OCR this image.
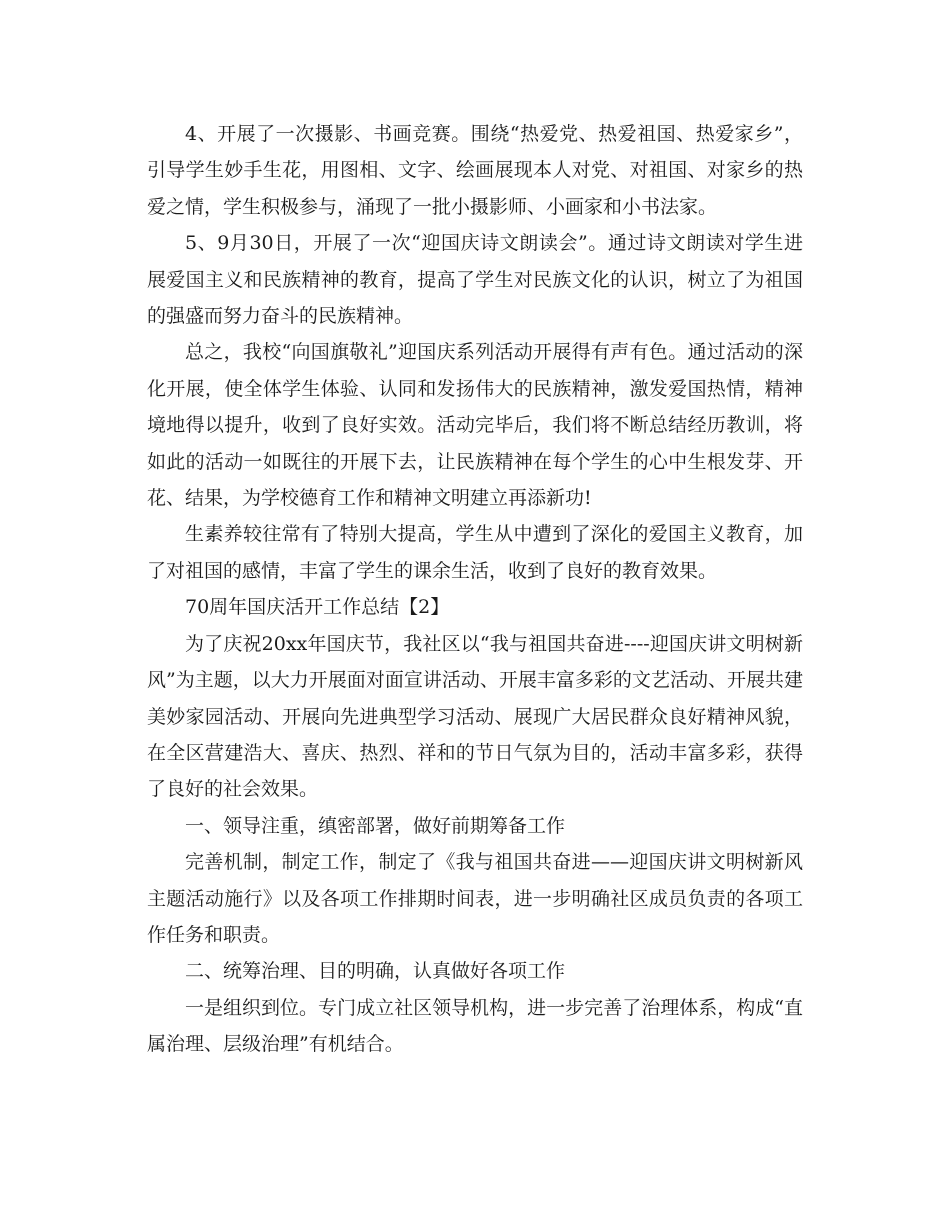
4、开展了一次摄影、书画竞赛。围绕“热爱党、热爱祖国、热爱家乡”，引导学生妙手生花，用图相、文字、绘画展现本人对党、对祖国、对家乡的热爱之情，学生积极参与，涌现了一批小摄影师、小画家和小书法家。

5、9月30日，开展了一次“迎国庆诗文朗读会”。通过诗文朗读对学生进展爱国主义和民族精神的教育，提高了学生对民族文化的认识，树立了为祖国的强盛而努力奋斗的民族精神。

总之，我校“向国旗敬礼”迎国庆系列活动开展得有声有色。通过活动的深化开展，使全体学生体验、认同和发扬伟大的民族精神，激发爱国热情，精神境地得以提升，收到了良好实效。活动完毕后，我们将不断总结经历教训，将如此的活动一如既往的开展下去，让民族精神在每个学生的心中生根发芽、开花、结果，为学校德育工作和精神文明建立再添新功!

生素养较往常有了特别大提高，学生从中遭到了深化的爱国主义教育，加了对祖国的感情，丰富了学生的课余生活，收到了良好的教育效果。

70周年国庆活开工作总结【2】

为了庆祝20xx年国庆节，我社区以“我与祖国共奋进----迎国庆讲文明树新风”为主题，以大力开展面对面宣讲活动、开展丰富多彩的文艺活动、开展共建美妙家园活动、开展向先进典型学习活动、展现广大居民群众良好精神风貌，在全区营建浩大、喜庆、热烈、祥和的节日气氛为目的，活动丰富多彩，获得了良好的社会效果。

一、领导注重，缜密部署，做好前期筹备工作

完善机制，制定工作，制定了《我与祖国共奋进——迎国庆讲文明树新风主题活动施行》以及各项工作排期时间表，进一步明确社区成员负责的各项工作任务和职责。

二、统筹治理、目的明确，认真做好各项工作

一是组织到位。专门成立社区领导机构，进一步完善了治理体系，构成“直属治理、层级治理”有机结合。
